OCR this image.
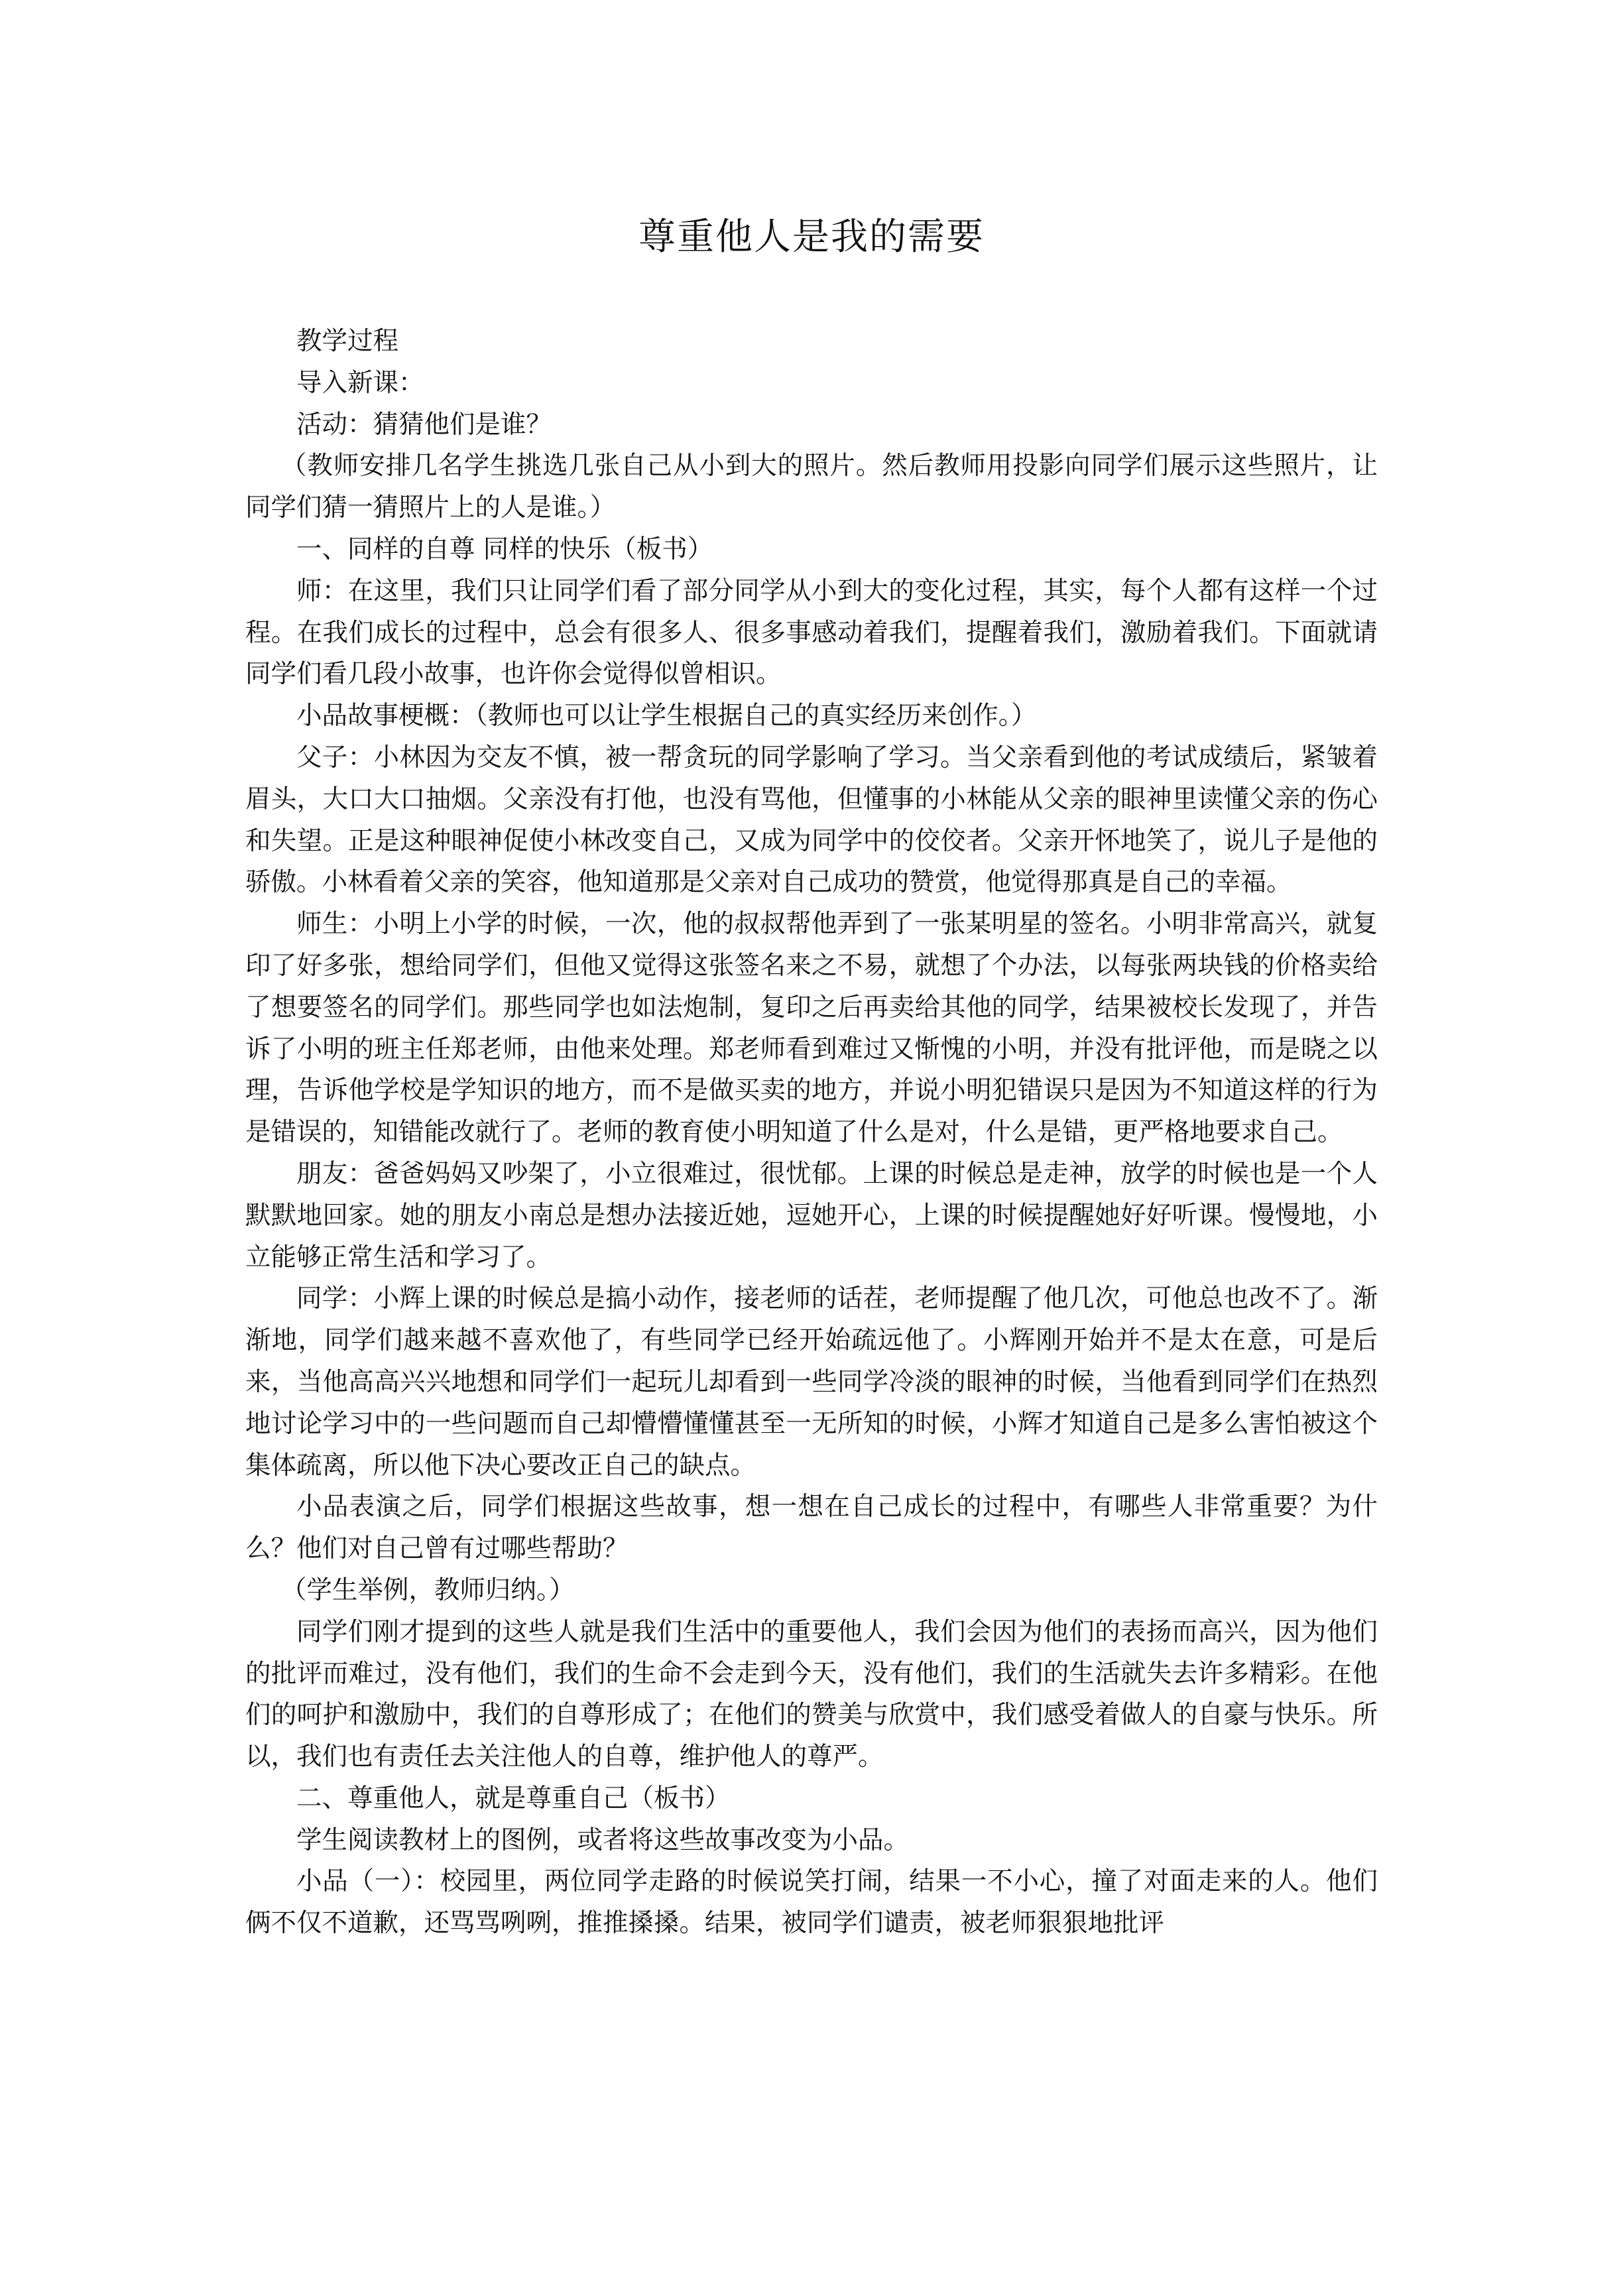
尊重他人是我的需要

教学过程

导入新课：

活动：猜猜他们是谁？

（教师安排几名学生挑选几张自己从小到大的照片。然后教师用投影向同学们展示这些照片，让同学们猜一猜照片上的人是谁。）

一、同样的自尊 同样的快乐（板书）

师：在这里，我们只让同学们看了部分同学从小到大的变化过程，其实，每个人都有这样一个过程。在我们成长的过程中，总会有很多人、很多事感动着我们，提醒着我们，激励着我们。下面就请同学们看几段小故事，也许你会觉得似曾相识。

小品故事梗概：（教师也可以让学生根据自己的真实经历来创作。）

父子：小林因为交友不慎，被一帮贪玩的同学影响了学习。当父亲看到他的考试成绩后，紧皱着眉头，大口大口抽烟。父亲没有打他，也没有骂他，但懂事的小林能从父亲的眼神里读懂父亲的伤心和失望。正是这种眼神促使小林改变自己，又成为同学中的佼佼者。父亲开怀地笑了，说儿子是他的骄傲。小林看着父亲的笑容，他知道那是父亲对自己成功的赞赏，他觉得那真是自己的幸福。

师生：小明上小学的时候，一次，他的叔叔帮他弄到了一张某明星的签名。小明非常高兴，就复印了好多张，想给同学们，但他又觉得这张签名来之不易，就想了个办法，以每张两块钱的价格卖给了想要签名的同学们。那些同学也如法炮制，复印之后再卖给其他的同学，结果被校长发现了，并告诉了小明的班主任郑老师，由他来处理。郑老师看到难过又惭愧的小明，并没有批评他，而是晓之以理，告诉他学校是学知识的地方，而不是做买卖的地方，并说小明犯错误只是因为不知道这样的行为是错误的，知错能改就行了。老师的教育使小明知道了什么是对，什么是错，更严格地要求自己。

朋友：爸爸妈妈又吵架了，小立很难过，很忧郁。上课的时候总是走神，放学的时候也是一个人默默地回家。她的朋友小南总是想办法接近她，逗她开心，上课的时候提醒她好好听课。慢慢地，小立能够正常生活和学习了。

同学：小辉上课的时候总是搞小动作，接老师的话茬，老师提醒了他几次，可他总也改不了。渐渐地，同学们越来越不喜欢他了，有些同学已经开始疏远他了。小辉刚开始并不是太在意，可是后来，当他高高兴兴地想和同学们一起玩儿却看到一些同学冷淡的眼神的时候，当他看到同学们在热烈地讨论学习中的一些问题而自己却懵懵懂懂甚至一无所知的时候，小辉才知道自己是多么害怕被这个集体疏离，所以他下决心要改正自己的缺点。

小品表演之后，同学们根据这些故事，想一想在自己成长的过程中，有哪些人非常重要？为什么？他们对自己曾有过哪些帮助？

（学生举例，教师归纳。）

同学们刚才提到的这些人就是我们生活中的重要他人，我们会因为他们的表扬而高兴，因为他们的批评而难过，没有他们，我们的生命不会走到今天，没有他们，我们的生活就失去许多精彩。在他们的呵护和激励中，我们的自尊形成了；在他们的赞美与欣赏中，我们感受着做人的自豪与快乐。所以，我们也有责任去关注他人的自尊，维护他人的尊严。

二、尊重他人，就是尊重自己（板书）

学生阅读教材上的图例，或者将这些故事改变为小品。

小品（一）：校园里，两位同学走路的时候说笑打闹，结果一不小心，撞了对面走来的人。他们俩不仅不道歉，还骂骂咧咧，推推搡搡。结果，被同学们谴责，被老师狠狠地批评
